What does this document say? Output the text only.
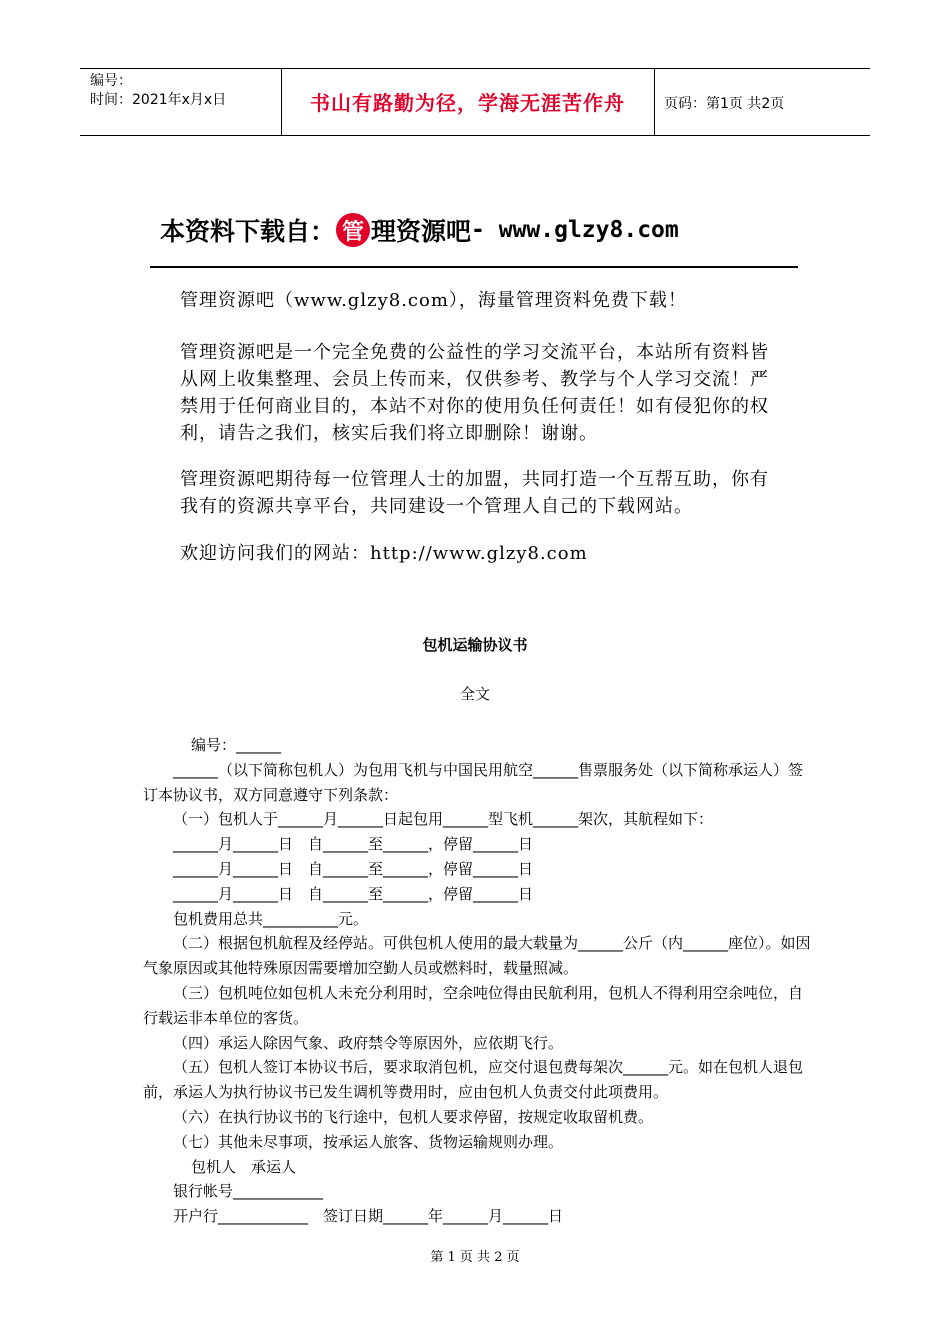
编号：
时间：2021年x月x日	书山有路勤为径，学海无涯苦作舟	页码：第1页 共2页
本资料下载自： 管 理资源吧 - www.glzy8.com
管理资源吧（www.glzy8.com），海量管理资料免费下载！
管理资源吧是一个完全免费的公益性的学习交流平台，本站所有资料皆从网上收集整理、会员上传而来，仅供参考、教学与个人学习交流！严禁用于任何商业目的，本站不对你的使用负任何责任！如有侵犯你的权利，请告之我们，核实后我们将立即删除！谢谢。
管理资源吧期待每一位管理人士的加盟，共同打造一个互帮互助，你有我有的资源共享平台，共同建设一个管理人自己的下载网站。
欢迎访问我们的网站：http://www.glzy8.com
包机运输协议书
全文

编号：______

______（以下简称包机人）为包用飞机与中国民用航空______售票服务处（以下简称承运人）签订本协议书，双方同意遵守下列条款：

（一）包机人于______月______日起包用______型飞机______架次，其航程如下：

______月______日　自______至______，停留______日

______月______日　自______至______，停留______日

______月______日　自______至______，停留______日

包机费用总共__________元。

（二）根据包机航程及经停站。可供包机人使用的最大载量为______公斤（内______座位）。如因气象原因或其他特殊原因需要增加空勤人员或燃料时，载量照减。

（三）包机吨位如包机人未充分利用时，空余吨位得由民航利用，包机人不得利用空余吨位，自行载运非本单位的客货。

（四）承运人除因气象、政府禁令等原因外，应依期飞行。

（五）包机人签订本协议书后，要求取消包机，应交付退包费每架次______元。如在包机人退包前，承运人为执行协议书已发生调机等费用时，应由包机人负责交付此项费用。

（六）在执行协议书的飞行途中，包机人要求停留，按规定收取留机费。

（七）其他未尽事项，按承运人旅客、货物运输规则办理。

包机人　承运人

银行帐号____________

开户行____________　签订日期______年______月______日

第 1 页 共 2 页
